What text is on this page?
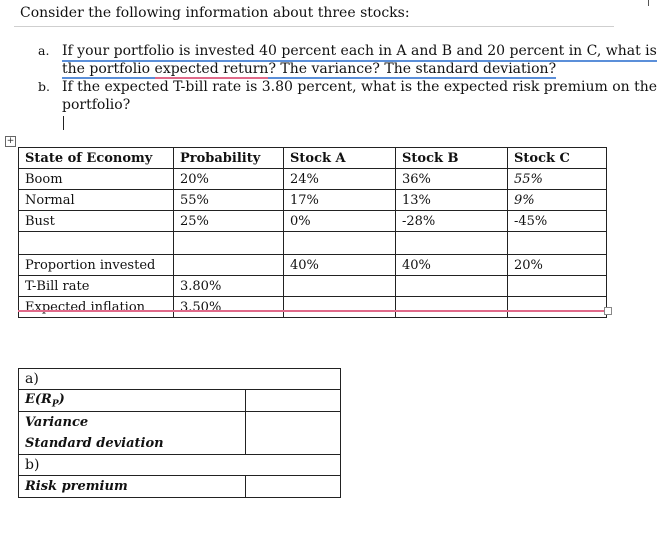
Consider the following information about three stocks:
a. If your portfolio is invested 40 percent each in A and B and 20 percent in C, what is
the portfolio expected return? The variance? The standard deviation?
b. If the expected T-bill rate is 3.80 percent, what is the expected risk premium on the
portfolio?
+
State of Economy	Probability	Stock A	Stock B	Stock C
Boom	20%	24%	36%	55%
Normal	55%	17%	13%	9%
Bust	25%	0%	-28%	-45%

Proportion invested		40%	40%	20%
T-Bill rate	3.80%			
Expected inflation	3.50%			
a)	
$E(R_P)$	
Variance	
Standard deviation	
b)	
Risk premium	
